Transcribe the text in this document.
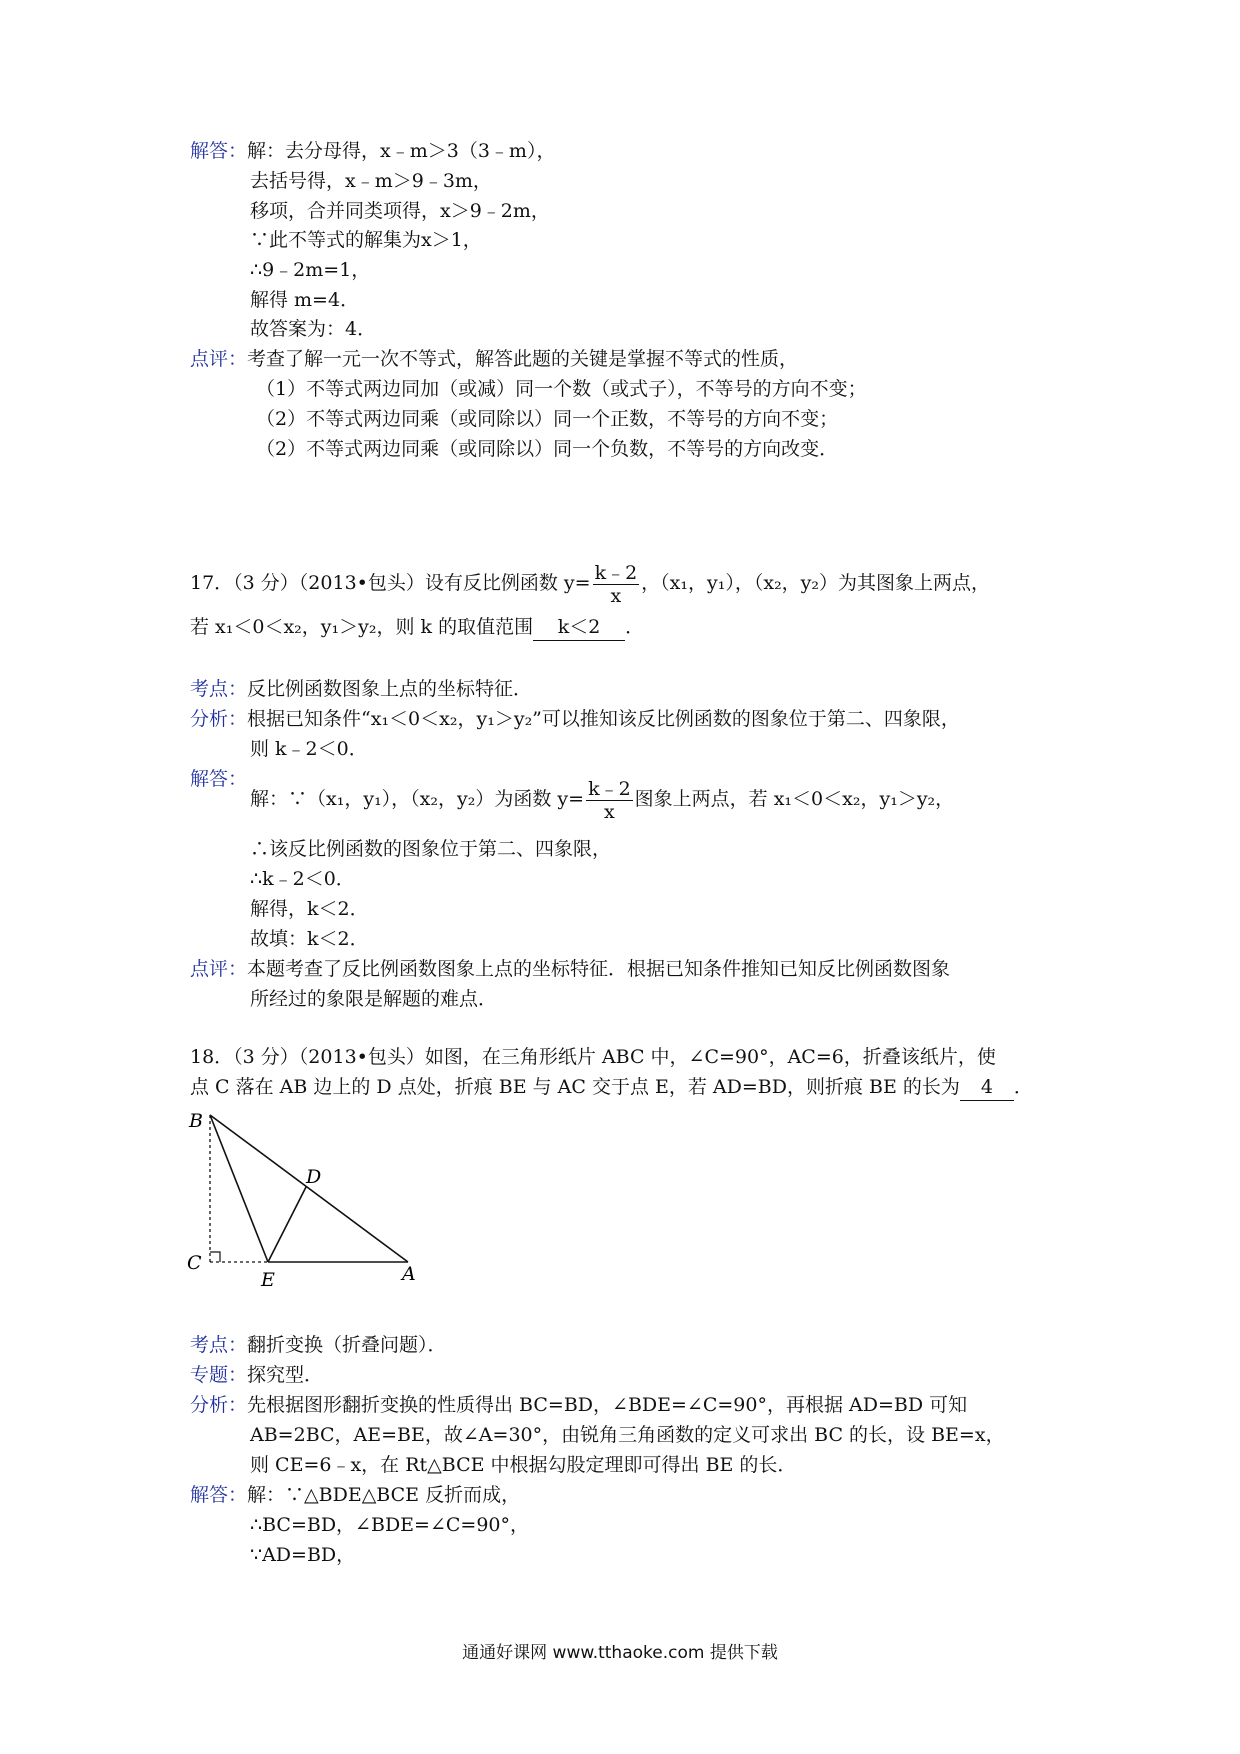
解答：解：去分母得，x﹣m＞3（3﹣m），
去括号得，x﹣m＞9﹣3m，
移项，合并同类项得，x＞9﹣2m，
∵此不等式的解集为x＞1，
∴9﹣2m=1，
解得 m=4．
故答案为：4．
点评：考查了解一元一次不等式，解答此题的关键是掌握不等式的性质，
（1）不等式两边同加（或减）同一个数（或式子），不等号的方向不变；
（2）不等式两边同乘（或同除以）同一个正数，不等号的方向不变；
（2）不等式两边同乘（或同除以）同一个负数，不等号的方向改变．
17．（3 分）（2013•包头）设有反比例函数 $y= \frac{k﹣2}{x}$ ，（x₁，y₁），（x₂，y₂）为其图象上两点，
若 x₁＜0＜x₂，y₁＞y₂，则 k 的取值范围 k＜2 ．
考点：反比例函数图象上点的坐标特征．
分析：根据已知条件“x₁＜0＜x₂，y₁＞y₂”可以推知该反比例函数的图象位于第二、四象限，
则 k﹣2＜0．
解答：
解：∵（x₁，y₁），（x₂，y₂）为函数 $y= \frac{k﹣2}{x}$ 图象上两点，若 x₁＜0＜x₂，y₁＞y₂，
∴该反比例函数的图象位于第二、四象限，
∴k﹣2＜0．
解得，k＜2．
故填：k＜2．
点评：本题考查了反比例函数图象上点的坐标特征．根据已知条件推知已知反比例函数图象
所经过的象限是解题的难点．
18．（3 分）（2013•包头）如图，在三角形纸片 ABC 中，∠C=90°，AC=6，折叠该纸片，使
点 C 落在 AB 边上的 D 点处，折痕 BE 与 AC 交于点 E，若 AD=BD，则折痕 BE 的长为 4 ．
B
C
E
D
A
考点：翻折变换（折叠问题）．
专题：探究型．
分析：先根据图形翻折变换的性质得出 BC=BD，∠BDE=∠C=90°，再根据 AD=BD 可知
AB=2BC，AE=BE，故∠A=30°，由锐角三角函数的定义可求出 BC 的长，设 BE=x，
则 CE=6﹣x，在 Rt△BCE 中根据勾股定理即可得出 BE 的长．
解答：解：∵△BDE△BCE 反折而成，
∴BC=BD，∠BDE=∠C=90°，
∵AD=BD，
通通好课网 www.tthaoke.com 提供下载
